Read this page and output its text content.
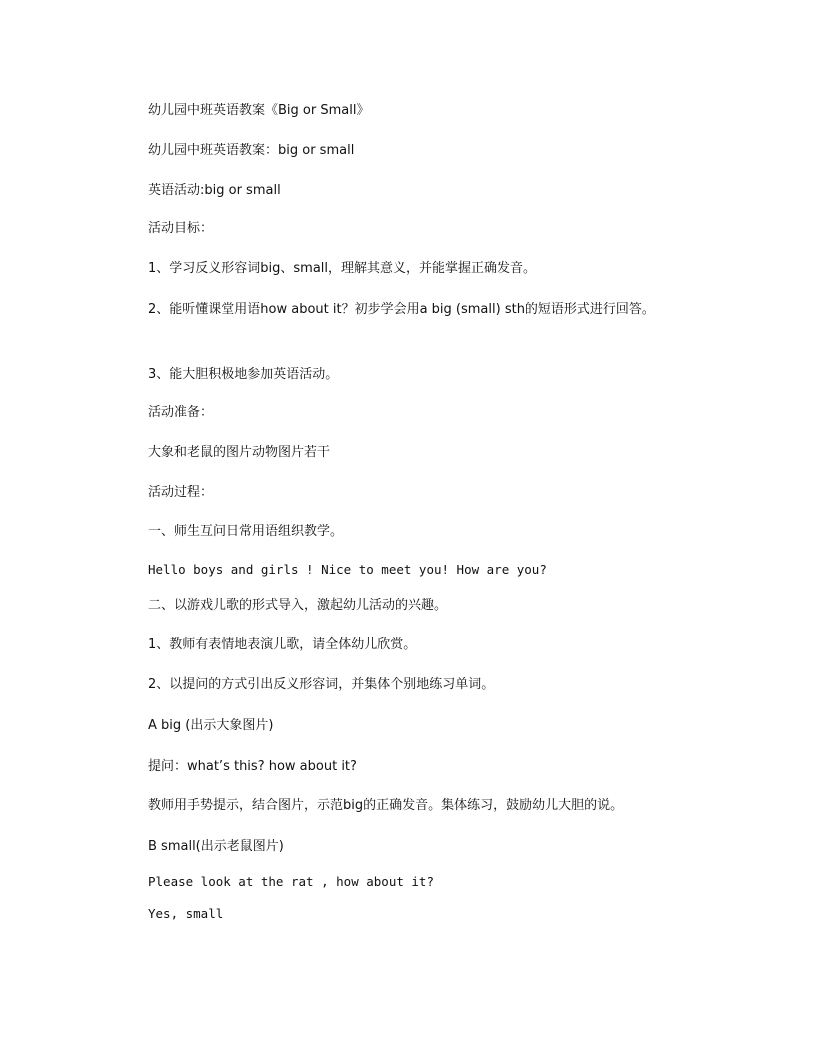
幼儿园中班英语教案《Big or Small》
幼儿园中班英语教案：big or small
英语活动:big or small
活动目标：
1、学习反义形容词big、small，理解其意义，并能掌握正确发音。
2、能听懂课堂用语how about it？初步学会用a big (small) sth的短语形式进行回答。
3、能大胆积极地参加英语活动。
活动准备：
大象和老鼠的图片动物图片若干
活动过程：
一、师生互问日常用语组织教学。
Hello boys and girls ! Nice to meet you! How are you?
二、以游戏儿歌的形式导入，激起幼儿活动的兴趣。
1、教师有表情地表演儿歌，请全体幼儿欣赏。
2、以提问的方式引出反义形容词，并集体个别地练习单词。
A big (出示大象图片)
提问：what’s this? how about it?
教师用手势提示，结合图片，示范big的正确发音。集体练习，鼓励幼儿大胆的说。
B small(出示老鼠图片)
Please look at the rat , how about it?
Yes, small
